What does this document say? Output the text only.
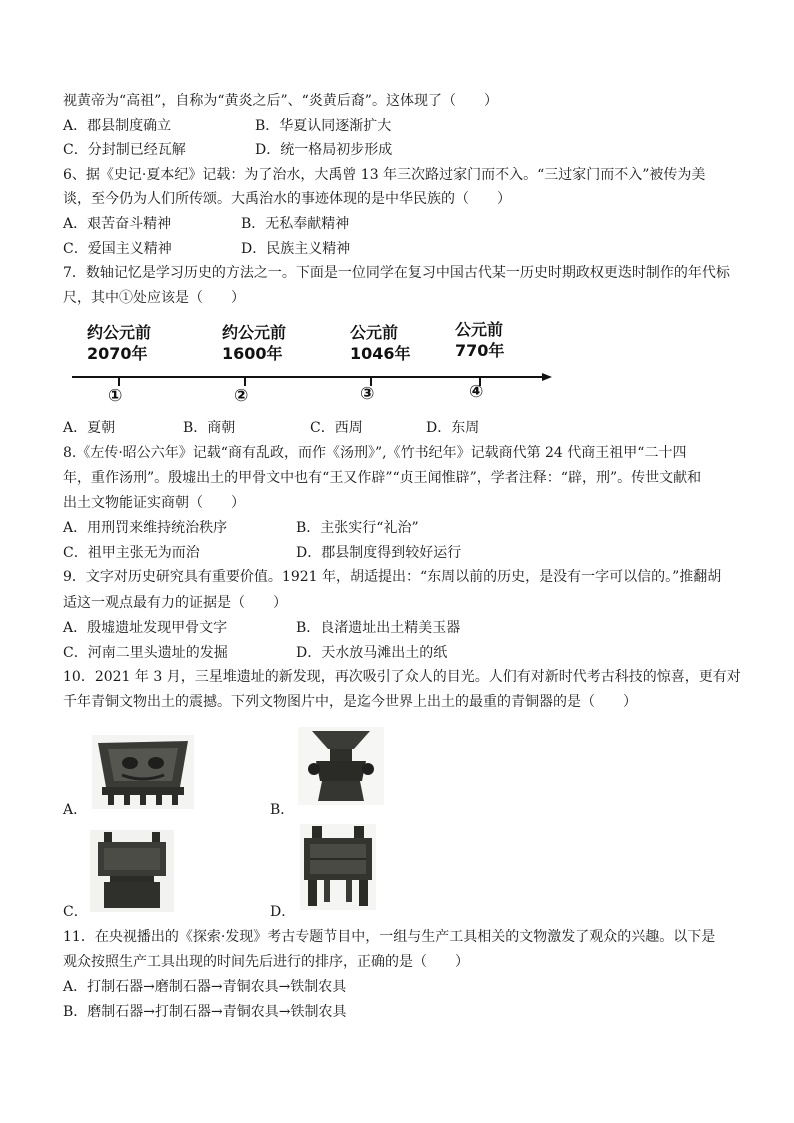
视黄帝为“高祖”，自称为“黄炎之后”、“炎黄后裔”。这体现了（　　）
A．郡县制度确立	B．华夏认同逐渐扩大
C．分封制已经瓦解	D．统一格局初步形成
6、据《史记·夏本纪》记载：为了治水，大禹曾 13 年三次路过家门而不入。“三过家门而不入”被传为美
谈，至今仍为人们所传颂。大禹治水的事迹体现的是中华民族的（　　）
A．艰苦奋斗精神	B．无私奉献精神
C．爱国主义精神	D．民族主义精神
7．数轴记忆是学习历史的方法之一。下面是一位同学在复习中国古代某一历史时期政权更迭时制作的年代标
尺，其中①处应该是（　　）
约公元前
2070年
约公元前
1600年
公元前
1046年
公元前
770年
①	②	③	④
A．夏朝	B．商朝	C．西周	D．东周
8.《左传·昭公六年》记载“商有乱政，而作《汤刑》”,《竹书纪年》记载商代第 24 代商王祖甲“二十四
年，重作汤刑”。殷墟出土的甲骨文中也有“王又作辟”“贞王闻惟辟”，学者注释：“辟，刑”。传世文献和
出土文物能证实商朝（　　）
A．用刑罚来维持统治秩序	B．主张实行“礼治”
C．祖甲主张无为而治	D．郡县制度得到较好运行
9．文字对历史研究具有重要价值。1921 年，胡适提出：“东周以前的历史，是没有一字可以信的。”推翻胡
适这一观点最有力的证据是（　　）
A．殷墟遗址发现甲骨文字	B．良渚遗址出土精美玉器
C．河南二里头遗址的发掘	D．天水放马滩出土的纸
10．2021 年 3 月，三星堆遗址的新发现，再次吸引了众人的目光。人们有对新时代考古科技的惊喜，更有对
千年青铜文物出土的震撼。下列文物图片中，是迄今世界上出土的最重的青铜器的是（　　）
A．	B．
C．	D．
11．在央视播出的《探索·发现》考古专题节目中，一组与生产工具相关的文物激发了观众的兴趣。以下是
观众按照生产工具出现的时间先后进行的排序，正确的是（　　）
A．打制石器→磨制石器→青铜农具→铁制农具
B．磨制石器→打制石器→青铜农具→铁制农具
